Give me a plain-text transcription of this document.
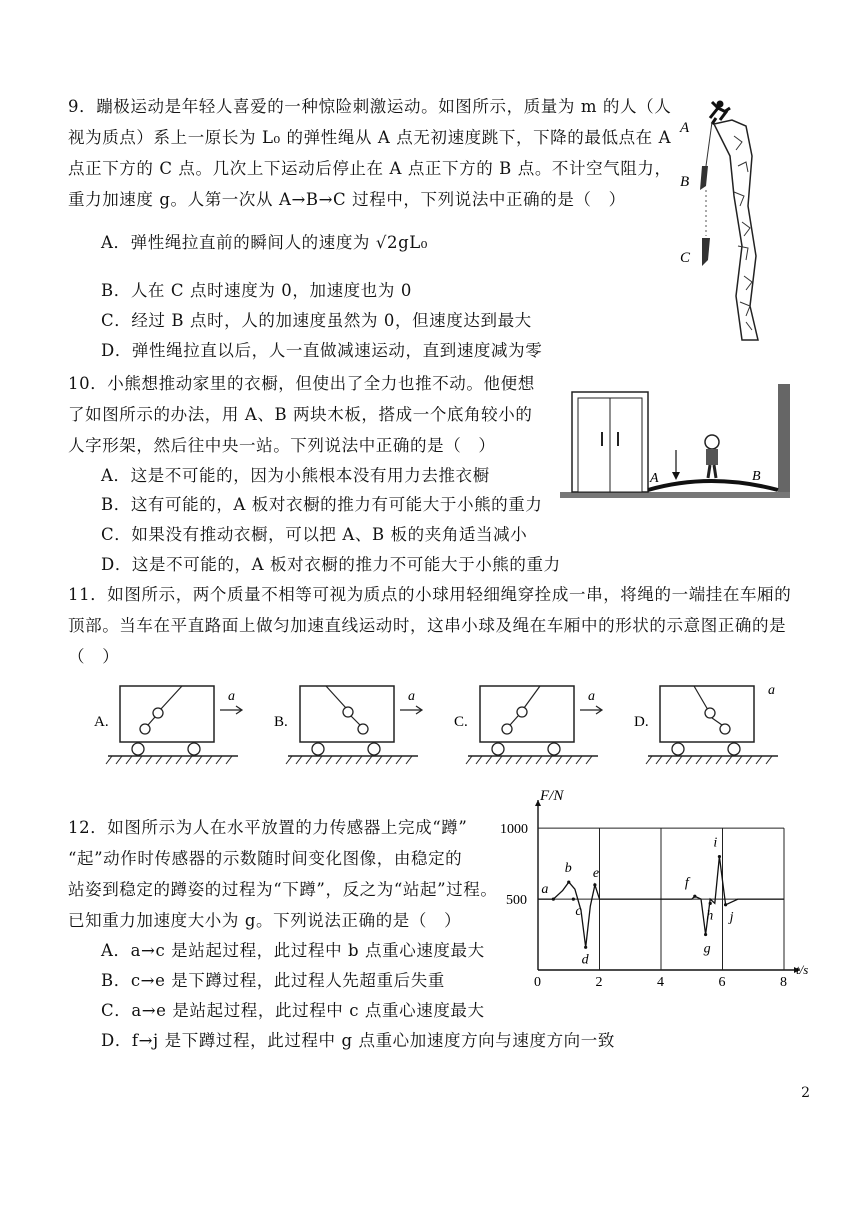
9．蹦极运动是年轻人喜爱的一种惊险刺激运动。如图所示，质量为 m 的人（人
视为质点）系上一原长为 L₀ 的弹性绳从 A 点无初速度跳下，下降的最低点在 A
点正下方的 C 点。几次上下运动后停止在 A 点正下方的 B 点。不计空气阻力，
重力加速度 g。人第一次从 A→B→C 过程中，下列说法中正确的是（　）
A．弹性绳拉直前的瞬间人的速度为 √2gL₀
B．人在 C 点时速度为 0，加速度也为 0
C．经过 B 点时，人的加速度虽然为 0，但速度达到最大
D．弹性绳拉直以后，人一直做减速运动，直到速度减为零
A
B
C
10．小熊想推动家里的衣橱，但使出了全力也推不动。他便想
了如图所示的办法，用 A、B 两块木板，搭成一个底角较小的
人字形架，然后往中央一站。下列说法中正确的是（　）
A．这是不可能的，因为小熊根本没有用力去推衣橱
B．这有可能的，A 板对衣橱的推力有可能大于小熊的重力
C．如果没有推动衣橱，可以把 A、B 板的夹角适当减小
D．这是不可能的，A 板对衣橱的推力不可能大于小熊的重力
A	B
11．如图所示，两个质量不相等可视为质点的小球用轻细绳穿拴成一串，将绳的一端挂在车厢的
顶部。当车在平直路面上做匀加速直线运动时，这串小球及绳在车厢中的形状的示意图正确的是
（　）
A.
a
B.
a
C.
a
D.
a
12．如图所示为人在水平放置的力传感器上完成“蹲”
“起”动作时传感器的示数随时间变化图像，由稳定的
站姿到稳定的蹲姿的过程为“下蹲”，反之为“站起”过程。
已知重力加速度大小为 g。下列说法正确的是（　）
A．a→c 是站起过程，此过程中 b 点重心速度最大
B．c→e 是下蹲过程，此过程人先超重后失重
C．a→e 是站起过程，此过程中 c 点重心速度最大
D．f→j 是下蹲过程，此过程中 g 点重心加速度方向与速度方向一致
0	2	4	6	8
500
1000
a
b
c
d
e
f
g
h
i
j
F/N
t/s
2
